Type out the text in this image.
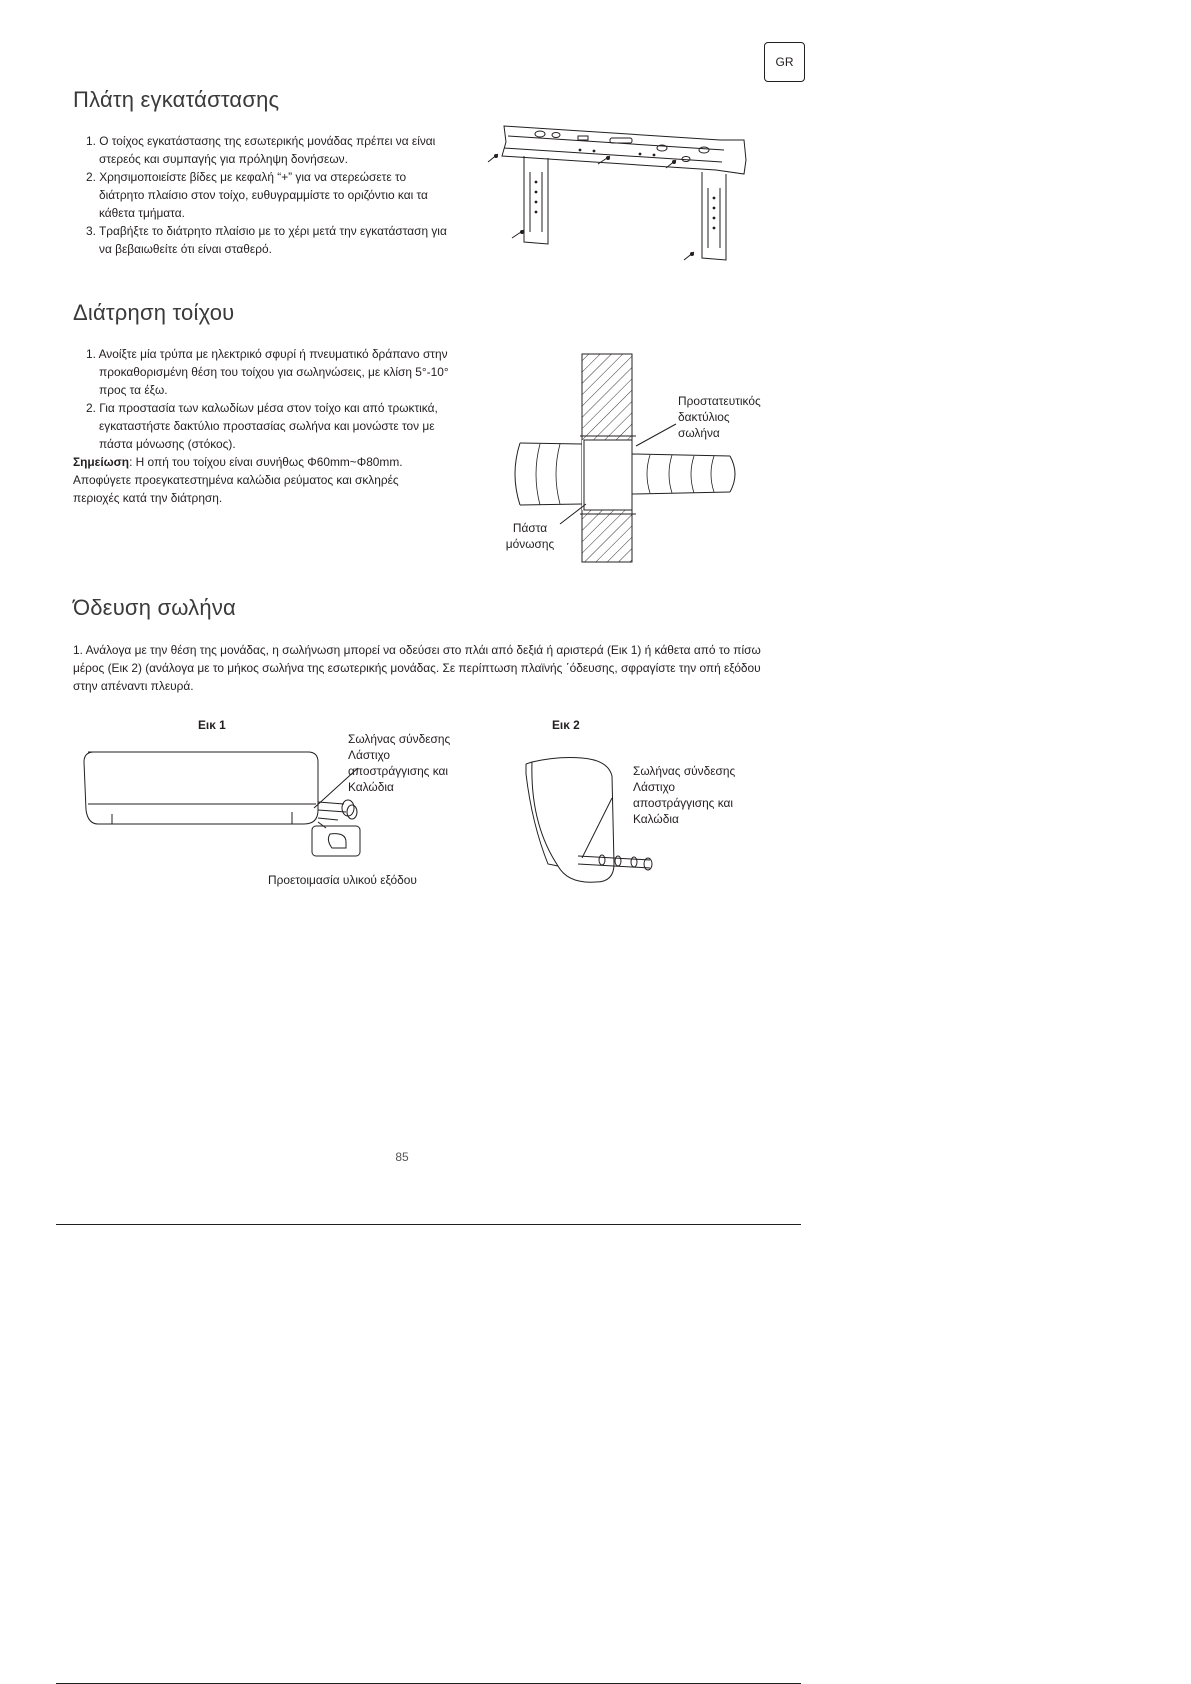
GR
Πλάτη εγκατάστασης
1. Ο τοίχος εγκατάστασης της εσωτερικής μονάδας πρέπει να είναι στερεός και συμπαγής για πρόληψη δονήσεων.
2. Χρησιμοποιείστε βίδες με κεφαλή “+” για να στερεώσετε το διάτρητο πλαίσιο στον τοίχο, ευθυγραμμίστε το οριζόντιο και τα κάθετα τμήματα.
3. Τραβήξτε το διάτρητο πλαίσιο με το χέρι μετά την εγκατάσταση για να βεβαιωθείτε ότι είναι σταθερό.
Διάτρηση τοίχου
1. Ανοίξτε μία τρύπα με ηλεκτρικό σφυρί ή πνευματικό δράπανο στην προκαθορισμένη θέση του τοίχου για σωληνώσεις, με κλίση 5°-10° προς τα έξω.
2. Για προστασία των καλωδίων μέσα στον τοίχο και από τρωκτικά, εγκαταστήστε δακτύλιο προστασίας σωλήνα και μονώστε τον με πάστα μόνωσης (στόκος).
Σημείωση: Η οπή του τοίχου είναι συνήθως Φ60mm~Φ80mm. Αποφύγετε προεγκατεστημένα καλώδια ρεύματος και σκληρές περιοχές κατά την διάτρηση.
Προστατευτικός
δακτύλιος
σωλήνα
Πάστα
μόνωσης
Όδευση σωλήνα
1. Ανάλογα με την θέση της μονάδας, η σωλήνωση μπορεί να οδεύσει στο πλάι από δεξιά ή αριστερά (Εικ 1) ή κάθετα από το πίσω μέρος (Εικ 2) (ανάλογα με το μήκος σωλήνα της εσωτερικής μονάδας. Σε περίπτωση πλαϊνής ΄όδευσης, σφραγίστε την οπή εξόδου στην απέναντι πλευρά.
Εικ 1	Εικ 2
Σωλήνας σύνδεσης
Λάστιχο
αποστράγγισης και
Καλώδια
Προετοιμασία υλικού εξόδου
Σωλήνας σύνδεσης
Λάστιχο
αποστράγγισης και
Καλώδια
85
